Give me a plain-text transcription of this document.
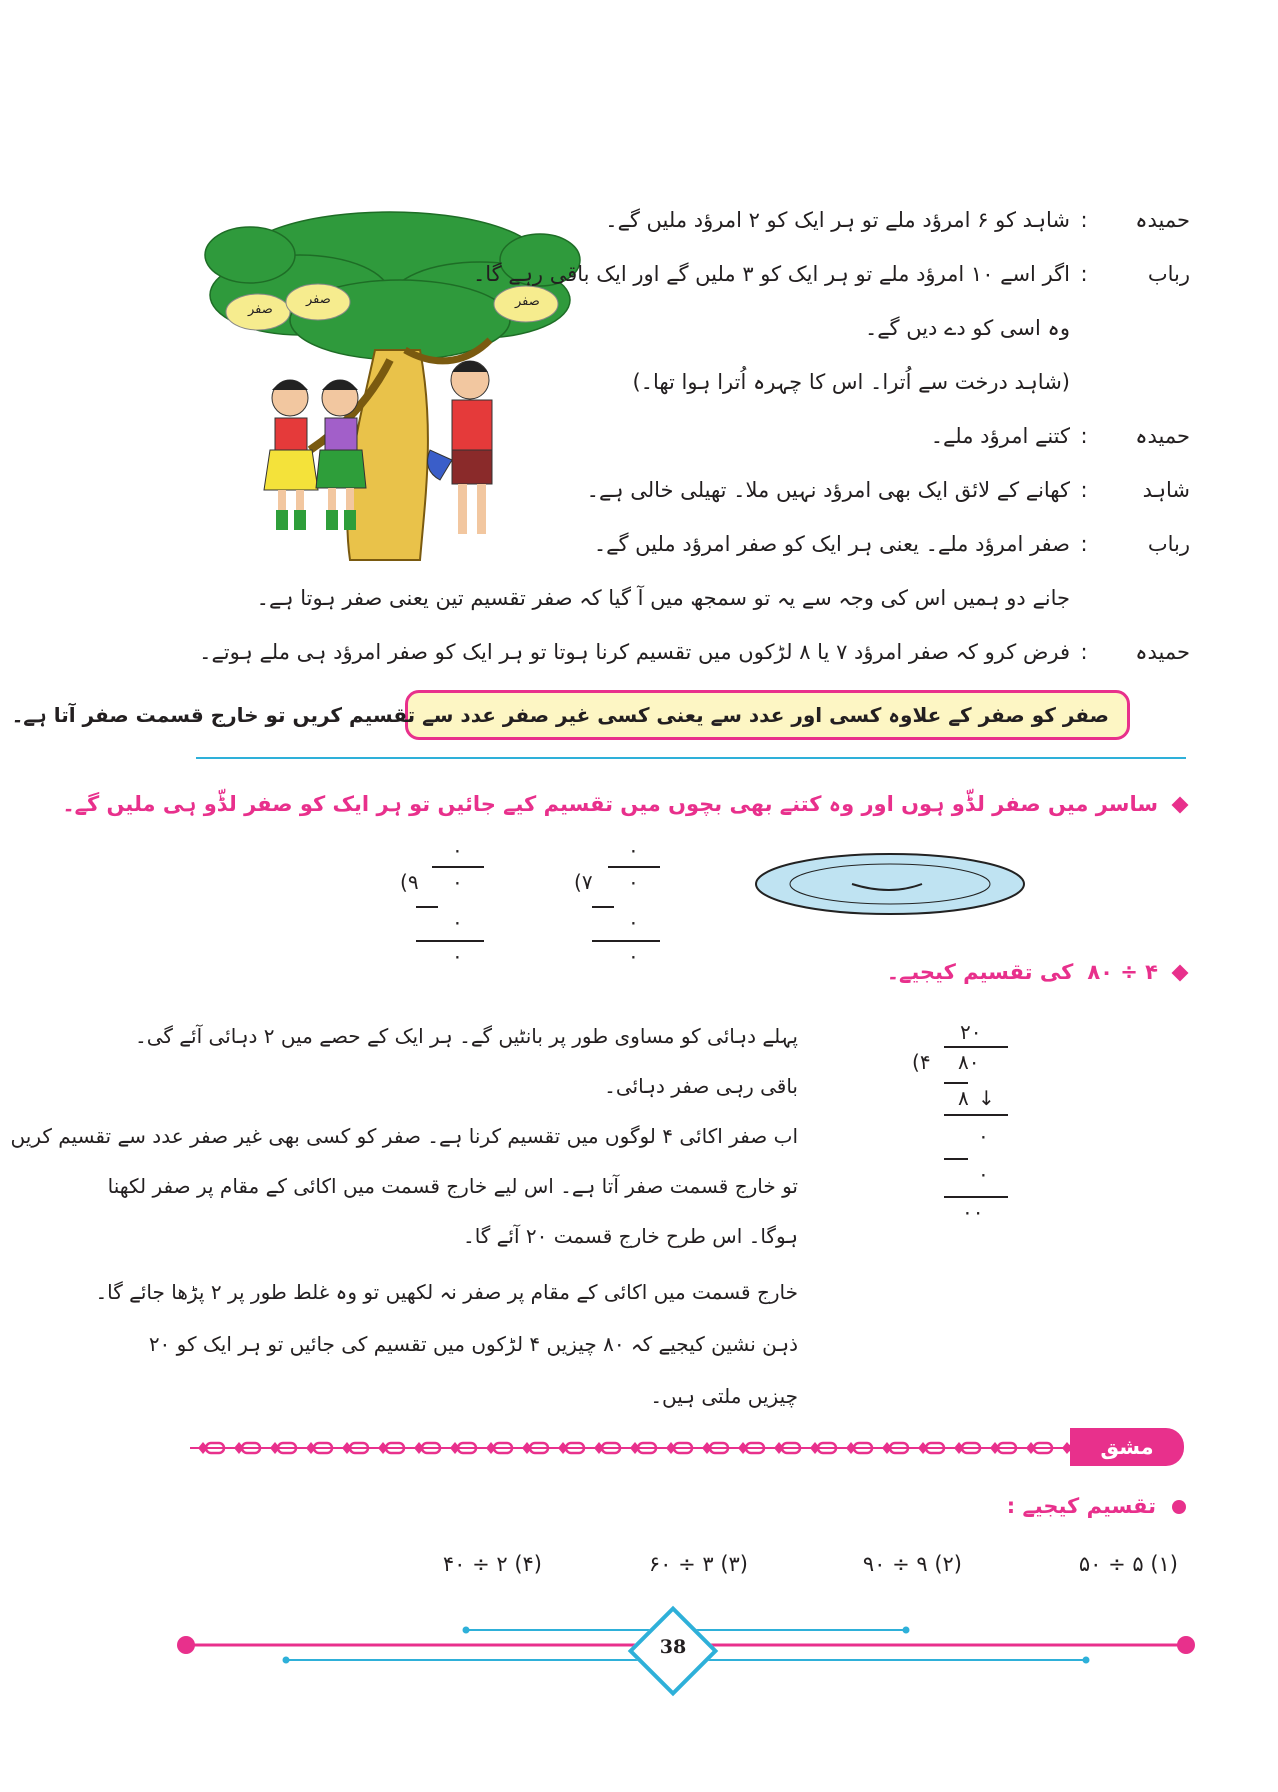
صفر
صفر	صفر
حمیدہ
:
شاہد کو ۶ امرؤد ملے تو ہر ایک کو ۲ امرؤد ملیں گے۔
رباب
:
اگر اسے ۱۰ امرؤد ملے تو ہر ایک کو ۳ ملیں گے اور ایک باقی رہے گا۔
وہ اسی کو دے دیں گے۔
(شاہد درخت سے اُترا۔ اس کا چہرہ اُترا ہوا تھا۔)
حمیدہ
:
کتنے امرؤد ملے۔
شاہد
:
کھانے کے لائق ایک بھی امرؤد نہیں ملا۔ تھیلی خالی ہے۔
رباب
:
صفر امرؤد ملے۔ یعنی ہر ایک کو صفر امرؤد ملیں گے۔
جانے دو ہمیں اس کی وجہ سے یہ تو سمجھ میں آ گیا کہ صفر تقسیم تین یعنی صفر ہوتا ہے۔
حمیدہ
:
فرض کرو کہ صفر امرؤد ۷ یا ۸ لڑکوں میں تقسیم کرنا ہوتا تو ہر ایک کو صفر امرؤد ہی ملے ہوتے۔
صفر کو صفر کے علاوہ کسی اور عدد سے یعنی کسی غیر صفر عدد سے تقسیم کریں تو خارج قسمت صفر آتا ہے۔
ساسر میں صفر لڈّو ہوں اور وہ کتنے بھی بچوں میں تقسیم کیے جائیں تو ہر ایک کو صفر لڈّو ہی ملیں گے۔
۰
۹) ۰
۰
۰
۰
۷) ۰
۰
۰
۴ ÷ ۸۰کی تقسیم کیجیے۔
۲۰
۴) ۸۰
۸ ↓
۰
۰
۰۰
پہلے دہائی کو مساوی طور پر بانٹیں گے۔ ہر ایک کے حصے میں ۲ دہائی آئے گی۔
باقی رہی صفر دہائی۔
اب صفر اکائی ۴ لوگوں میں تقسیم کرنا ہے۔ صفر کو کسی بھی غیر صفر عدد سے تقسیم کریں
تو خارج قسمت صفر آتا ہے۔ اس لیے خارج قسمت میں اکائی کے مقام پر صفر لکھنا
ہوگا۔ اس طرح خارج قسمت ۲۰ آئے گا۔
خارج قسمت میں اکائی کے مقام پر صفر نہ لکھیں تو وہ غلط طور پر ۲ پڑھا جائے گا۔
ذہن نشین کیجیے کہ ۸۰ چیزیں ۴ لڑکوں میں تقسیم کی جائیں تو ہر ایک کو ۲۰
چیزیں ملتی ہیں۔
مشق
تقسیم کیجیے :
(۱) ۵ ÷ ۵۰
(۲) ۹ ÷ ۹۰
(۳) ۳ ÷ ۶۰
(۴) ۲ ÷ ۴۰
38
